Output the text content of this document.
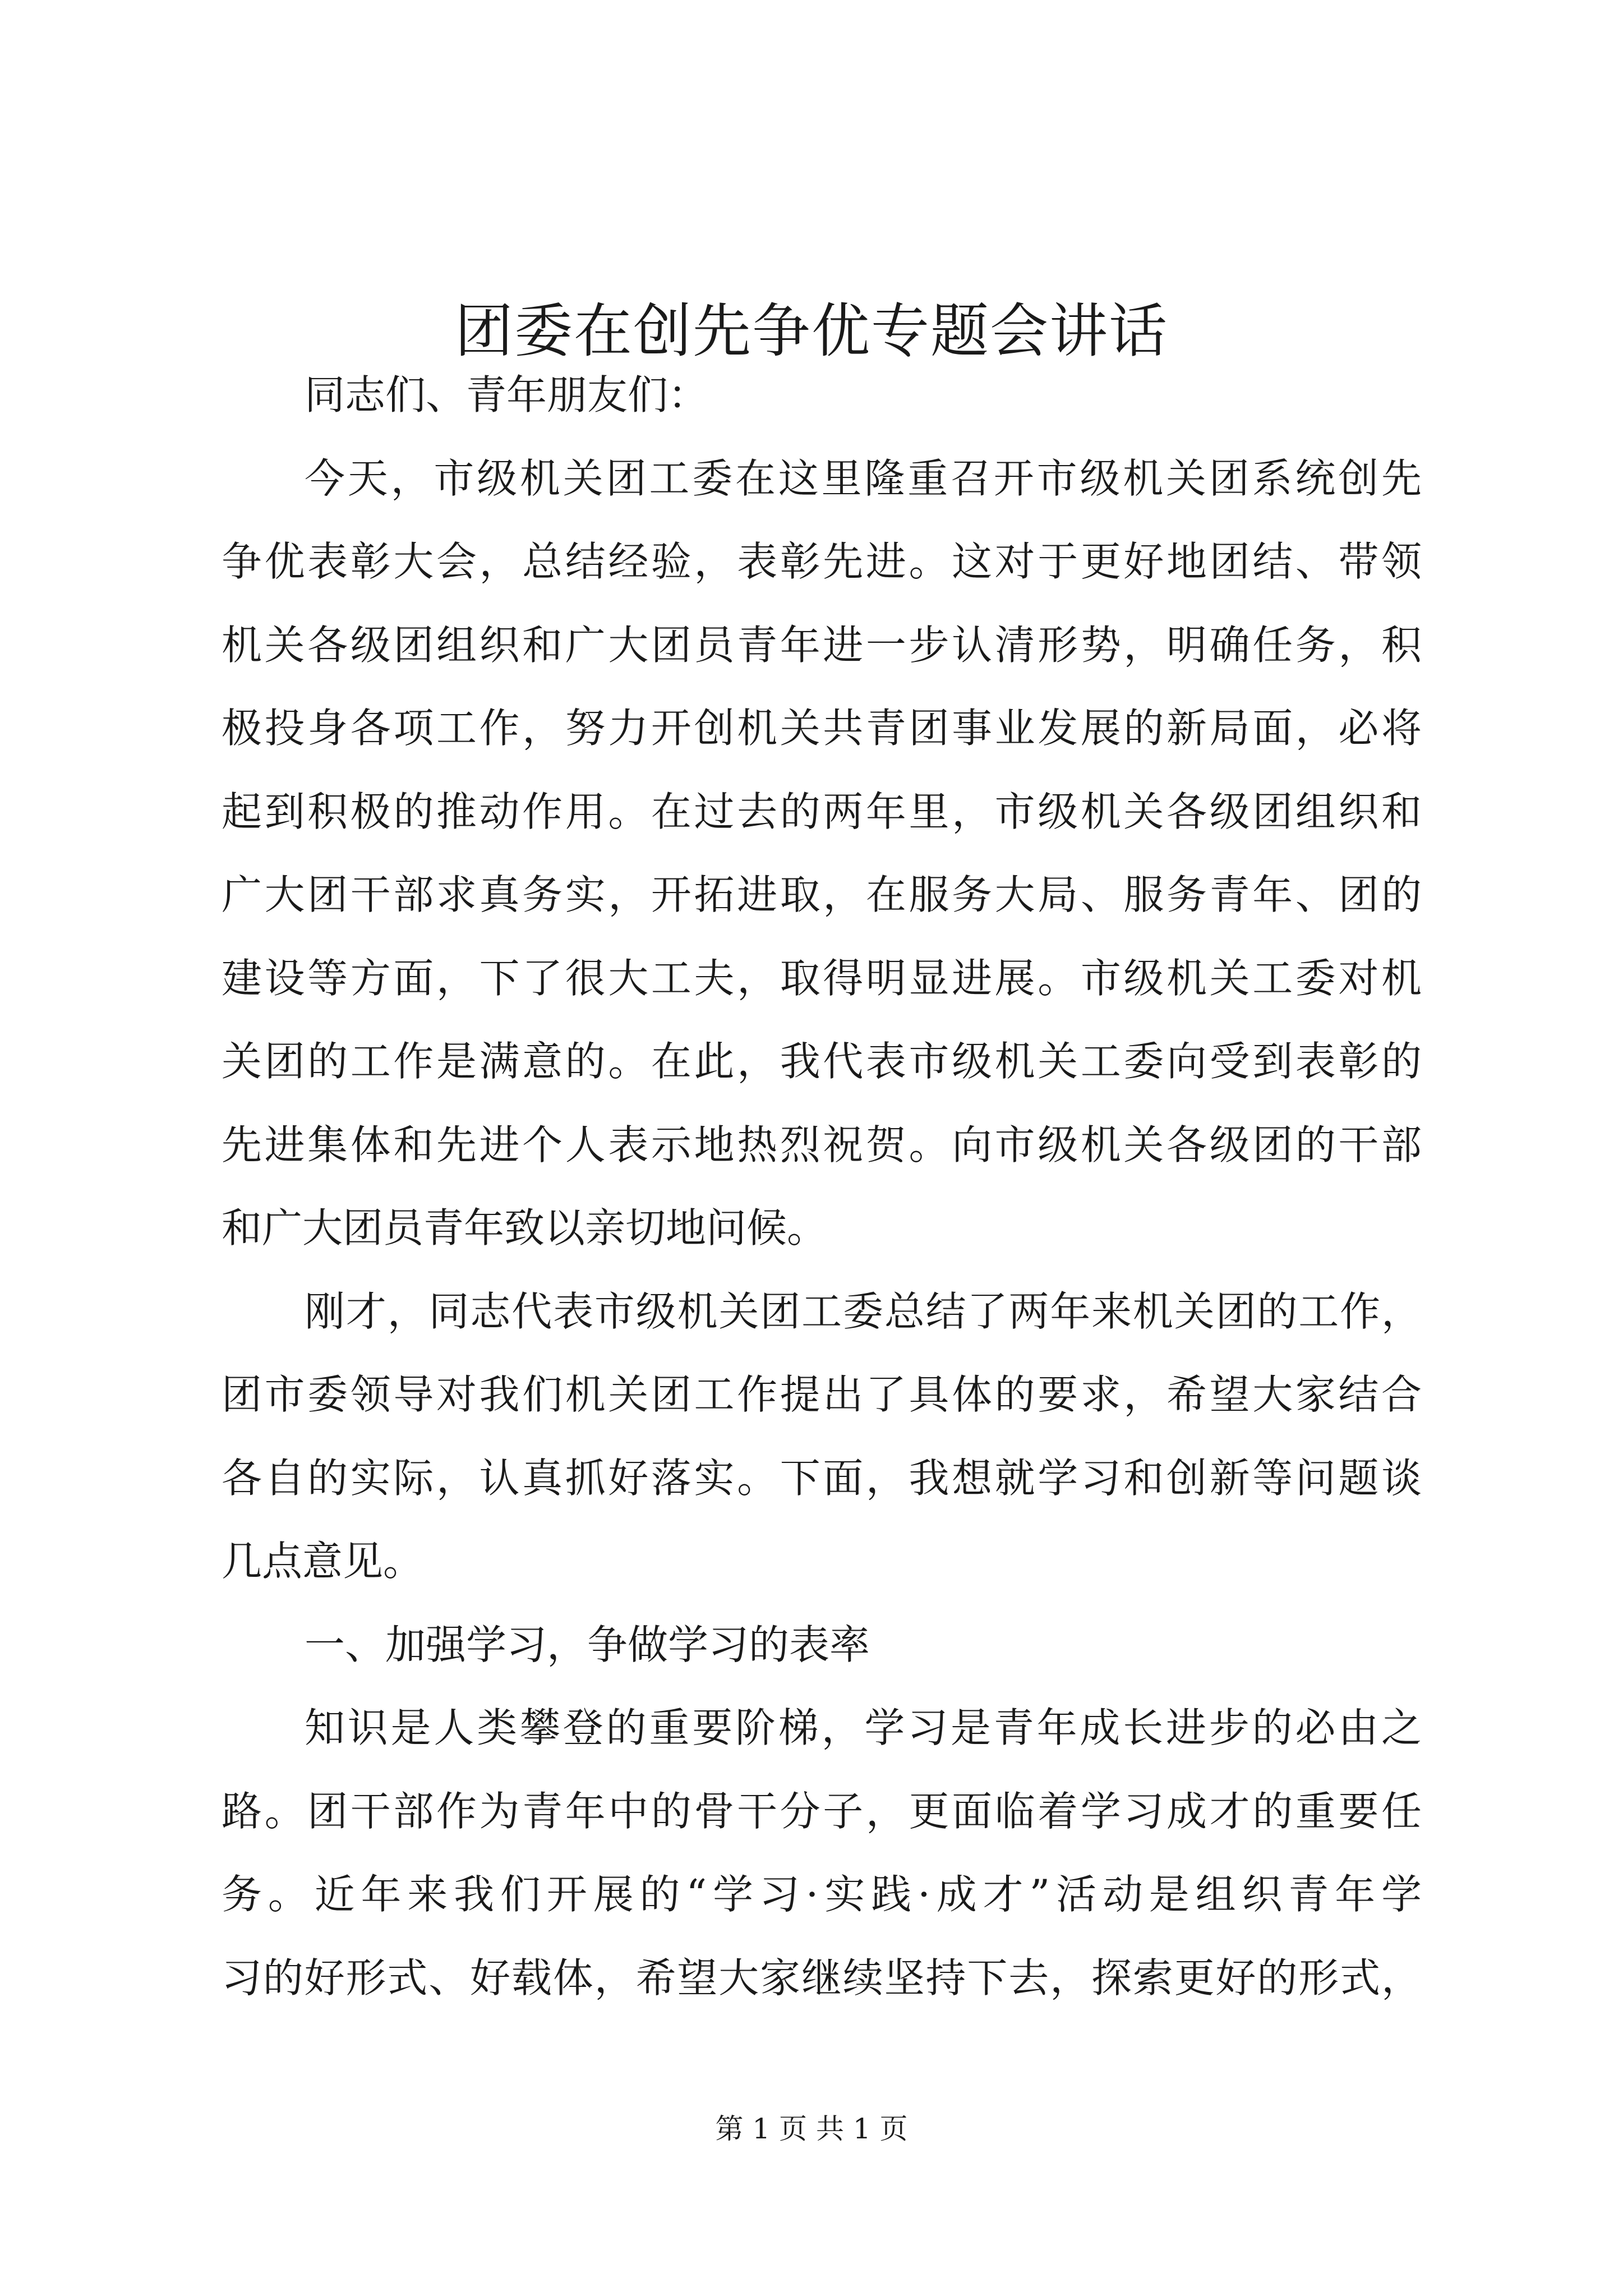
团委在创先争优专题会讲话
同志们、青年朋友们：
今天，市级机关团工委在这里隆重召开市级机关团系统创先
争优表彰大会，总结经验，表彰先进。这对于更好地团结、带领
机关各级团组织和广大团员青年进一步认清形势，明确任务，积
极投身各项工作，努力开创机关共青团事业发展的新局面，必将
起到积极的推动作用。在过去的两年里，市级机关各级团组织和
广大团干部求真务实，开拓进取，在服务大局、服务青年、团的
建设等方面，下了很大工夫，取得明显进展。市级机关工委对机
关团的工作是满意的。在此，我代表市级机关工委向受到表彰的
先进集体和先进个人表示地热烈祝贺。向市级机关各级团的干部
和广大团员青年致以亲切地问候。
刚才，同志代表市级机关团工委总结了两年来机关团的工作，
团市委领导对我们机关团工作提出了具体的要求，希望大家结合
各自的实际，认真抓好落实。下面，我想就学习和创新等问题谈
几点意见。
一、加强学习，争做学习的表率
知识是人类攀登的重要阶梯，学习是青年成长进步的必由之
路。团干部作为青年中的骨干分子，更面临着学习成才的重要任
务。近年来我们开展的“学习·实践·成才”活动是组织青年学
习的好形式、好载体，希望大家继续坚持下去，探索更好的形式，
第 1 页 共 1 页
